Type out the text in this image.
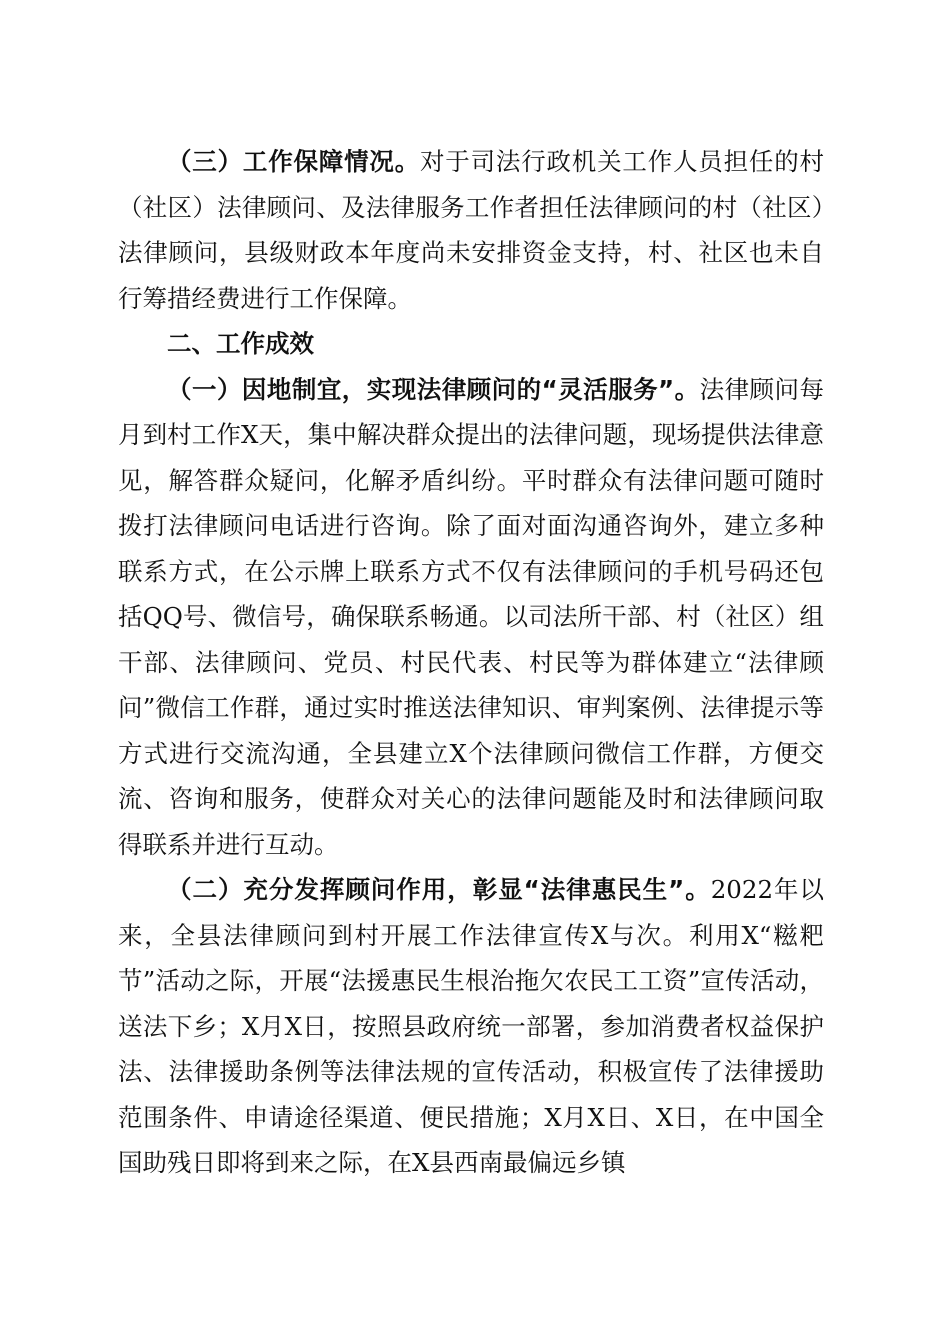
（三）工作保障情况。对于司法行政机关工作人员担任的村（社区）法律顾问、及法律服务工作者担任法律顾问的村（社区）法律顾问，县级财政本年度尚未安排资金支持，村、社区也未自行筹措经费进行工作保障。

二、工作成效

（一）因地制宜，实现法律顾问的“灵活服务”。法律顾问每月到村工作X天，集中解决群众提出的法律问题，现场提供法律意见，解答群众疑问，化解矛盾纠纷。平时群众有法律问题可随时拨打法律顾问电话进行咨询。除了面对面沟通咨询外，建立多种联系方式，在公示牌上联系方式不仅有法律顾问的手机号码还包括QQ号、微信号，确保联系畅通。以司法所干部、村（社区）组干部、法律顾问、党员、村民代表、村民等为群体建立“法律顾问”微信工作群，通过实时推送法律知识、审判案例、法律提示等方式进行交流沟通，全县建立X个法律顾问微信工作群，方便交流、咨询和服务，使群众对关心的法律问题能及时和法律顾问取得联系并进行互动。

（二）充分发挥顾问作用，彰显“法律惠民生”。2022年以来，全县法律顾问到村开展工作法律宣传X与次。利用X“糍粑节”活动之际，开展“法援惠民生根治拖欠农民工工资”宣传活动，送法下乡；X月X日，按照县政府统一部署，参加消费者权益保护法、法律援助条例等法律法规的宣传活动，积极宣传了法律援助范围条件、申请途径渠道、便民措施；X月X日、X日，在中国全国助残日即将到来之际，在X县西南最偏远乡镇
